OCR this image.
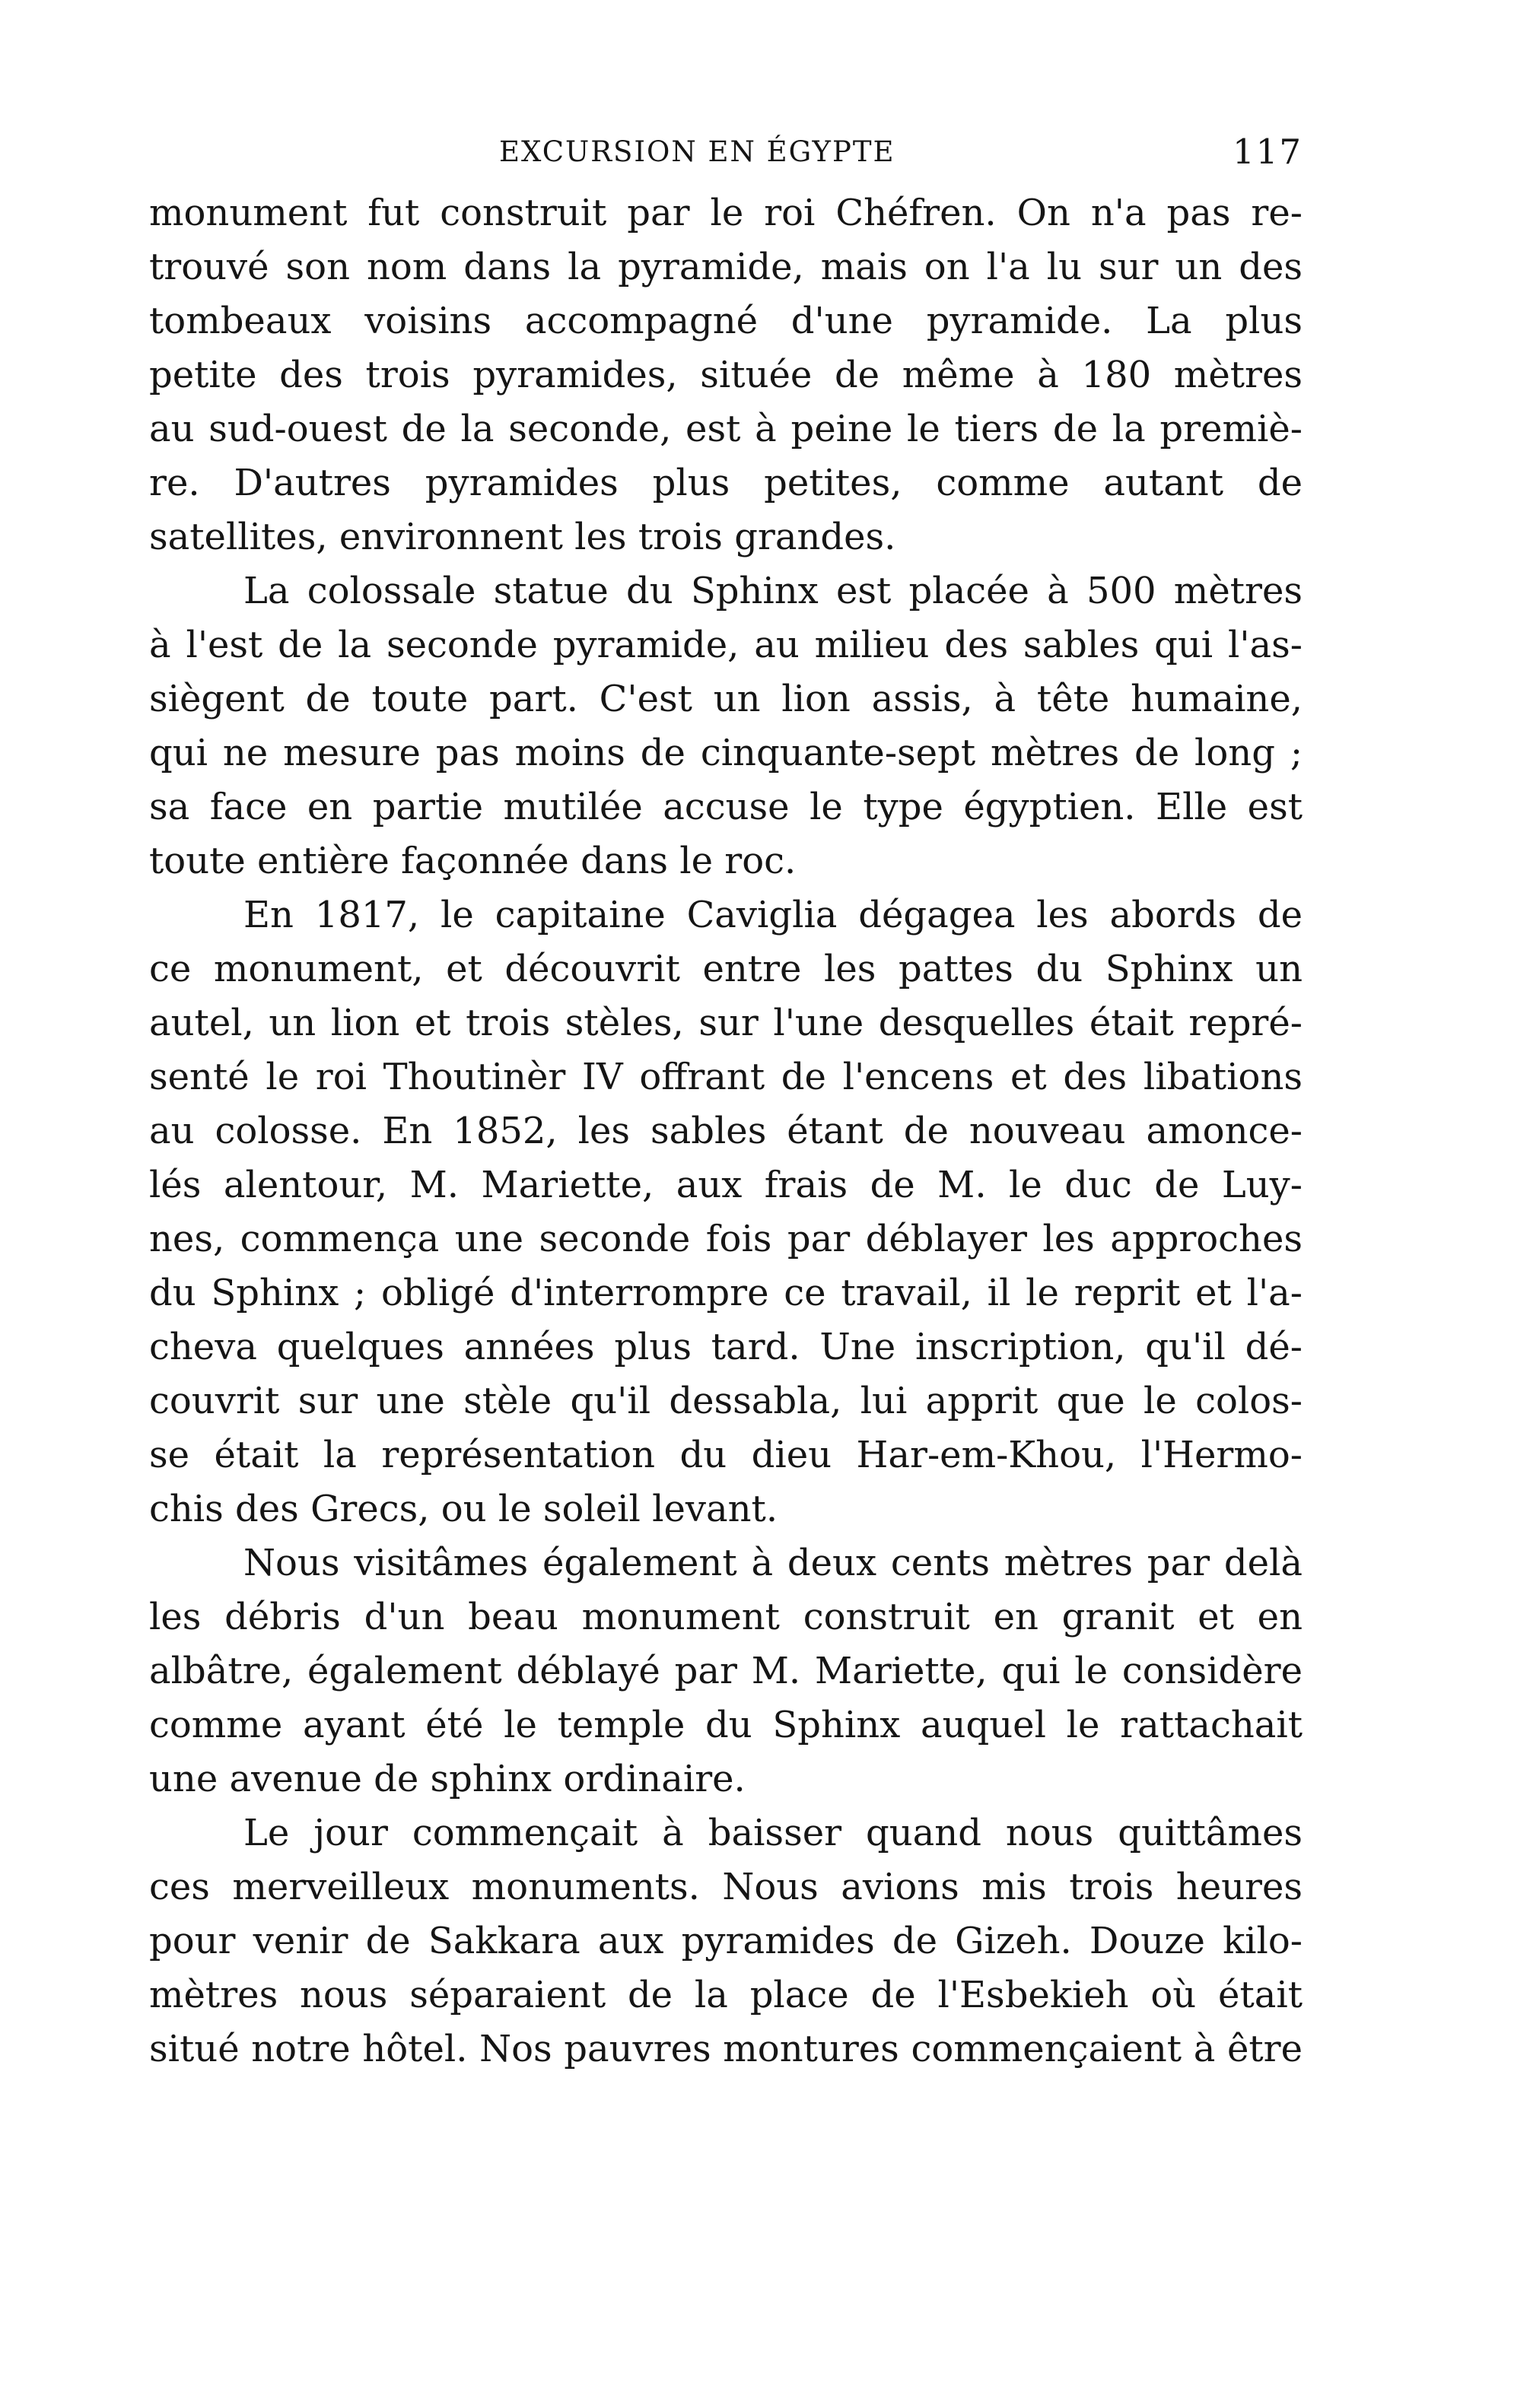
EXCURSION EN ÉGYPTE	117
monument fut construit par le roi Chéfren. On n'a pas re-
trouvé son nom dans la pyramide, mais on l'a lu sur un des
tombeaux voisins accompagné d'une pyramide. La plus
petite des trois pyramides, située de même à 180 mètres
au sud-ouest de la seconde, est à peine le tiers de la premiè-
re. D'autres pyramides plus petites, comme autant de
satellites, environnent les trois grandes.
La colossale statue du Sphinx est placée à 500 mètres
à l'est de la seconde pyramide, au milieu des sables qui l'as-
siègent de toute part. C'est un lion assis, à tête humaine,
qui ne mesure pas moins de cinquante-sept mètres de long ;
sa face en partie mutilée accuse le type égyptien. Elle est
toute entière façonnée dans le roc.
En 1817, le capitaine Caviglia dégagea les abords de
ce monument, et découvrit entre les pattes du Sphinx un
autel, un lion et trois stèles, sur l'une desquelles était repré-
senté le roi Thoutinèr IV offrant de l'encens et des libations
au colosse. En 1852, les sables étant de nouveau amonce-
lés alentour, M. Mariette, aux frais de M. le duc de Luy-
nes, commença une seconde fois par déblayer les approches
du Sphinx ; obligé d'interrompre ce travail, il le reprit et l'a-
cheva quelques années plus tard. Une inscription, qu'il dé-
couvrit sur une stèle qu'il dessabla, lui apprit que le colos-
se était la représentation du dieu Har-em-Khou, l'Hermo-
chis des Grecs, ou le soleil levant.
Nous visitâmes également à deux cents mètres par delà
les débris d'un beau monument construit en granit et en
albâtre, également déblayé par M. Mariette, qui le considère
comme ayant été le temple du Sphinx auquel le rattachait
une avenue de sphinx ordinaire.
Le jour commençait à baisser quand nous quittâmes
ces merveilleux monuments. Nous avions mis trois heures
pour venir de Sakkara aux pyramides de Gizeh. Douze kilo-
mètres nous séparaient de la place de l'Esbekieh où était
situé notre hôtel. Nos pauvres montures commençaient à être
